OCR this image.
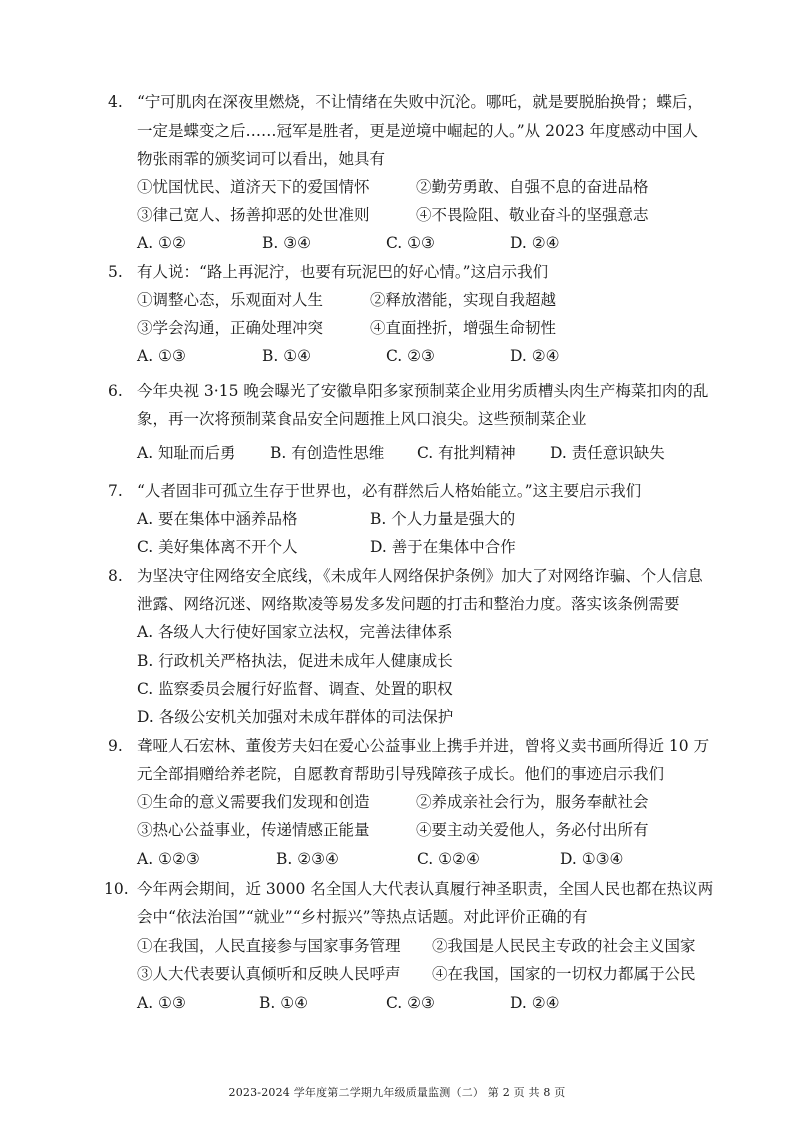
4. “宁可肌肉在深夜里燃烧，不让情绪在失败中沉沦。哪吒，就是要脱胎换骨；蝶后，
一定是蝶变之后……冠军是胜者，更是逆境中崛起的人。”从 2023 年度感动中国人
物张雨霏的颁奖词可以看出，她具有
①忧国忧民、道济天下的爱国情怀	②勤劳勇敢、自强不息的奋进品格
③律己宽人、扬善抑恶的处世准则	④不畏险阻、敬业奋斗的坚强意志
A. ①②	B. ③④	C. ①③	D. ②④
5. 有人说：“路上再泥泞，也要有玩泥巴的好心情。”这启示我们
①调整心态，乐观面对人生	②释放潜能，实现自我超越
③学会沟通，正确处理冲突	④直面挫折，增强生命韧性
A. ①③	B. ①④	C. ②③	D. ②④
6. 今年央视 3·15 晚会曝光了安徽阜阳多家预制菜企业用劣质槽头肉生产梅菜扣肉的乱
象，再一次将预制菜食品安全问题推上风口浪尖。这些预制菜企业
A. 知耻而后勇 B. 有创造性思维 C. 有批判精神 D. 责任意识缺失
7. “人者固非可孤立生存于世界也，必有群然后人格始能立。”这主要启示我们
A. 要在集体中涵养品格	B. 个人力量是强大的
C. 美好集体离不开个人	D. 善于在集体中合作
8. 为坚决守住网络安全底线，《未成年人网络保护条例》加大了对网络诈骗、个人信息
泄露、网络沉迷、网络欺凌等易发多发问题的打击和整治力度。落实该条例需要
A. 各级人大行使好国家立法权，完善法律体系
B. 行政机关严格执法，促进未成年人健康成长
C. 监察委员会履行好监督、调查、处置的职权
D. 各级公安机关加强对未成年群体的司法保护
9. 聋哑人石宏林、董俊芳夫妇在爱心公益事业上携手并进，曾将义卖书画所得近 10 万
元全部捐赠给养老院，自愿教育帮助引导残障孩子成长。他们的事迹启示我们
①生命的意义需要我们发现和创造	②养成亲社会行为，服务奉献社会
③热心公益事业，传递情感正能量	④要主动关爱他人，务必付出所有
A. ①②③	B. ②③④	C. ①②④	D. ①③④
10. 今年两会期间，近 3000 名全国人大代表认真履行神圣职责，全国人民也都在热议两
会中“依法治国”“就业”“乡村振兴”等热点话题。对此评价正确的有
①在我国，人民直接参与国家事务管理 ②我国是人民民主专政的社会主义国家
③人大代表要认真倾听和反映人民呼声 ④在我国，国家的一切权力都属于公民
A. ①③	B. ①④	C. ②③	D. ②④
2023-2024 学年度第二学期九年级质量监测（二） 第 2 页 共 8 页
